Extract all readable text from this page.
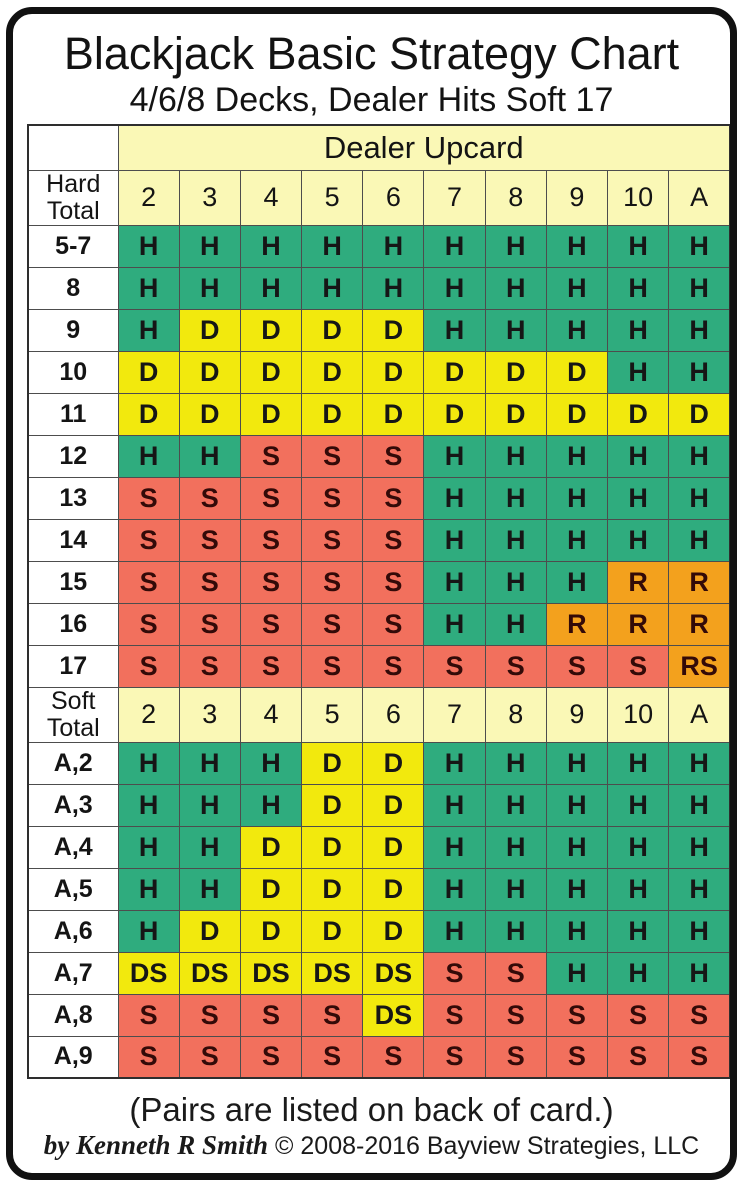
Blackjack Basic Strategy Chart
4/6/8 Decks, Dealer Hits Soft 17
	Dealer Upcard									
Hard Total	2	3	4	5	6	7	8	9	10	A
5-7	H	H	H	H	H	H	H	H	H	H
8	H	H	H	H	H	H	H	H	H	H
9	H	D	D	D	D	H	H	H	H	H
10	D	D	D	D	D	D	D	D	H	H
11	D	D	D	D	D	D	D	D	D	D
12	H	H	S	S	S	H	H	H	H	H
13	S	S	S	S	S	H	H	H	H	H
14	S	S	S	S	S	H	H	H	H	H
15	S	S	S	S	S	H	H	H	R	R
16	S	S	S	S	S	H	H	R	R	R
17	S	S	S	S	S	S	S	S	S	RS
Soft Total	2	3	4	5	6	7	8	9	10	A
A,2	H	H	H	D	D	H	H	H	H	H
A,3	H	H	H	D	D	H	H	H	H	H
A,4	H	H	D	D	D	H	H	H	H	H
A,5	H	H	D	D	D	H	H	H	H	H
A,6	H	D	D	D	D	H	H	H	H	H
A,7	DS	DS	DS	DS	DS	S	S	H	H	H
A,8	S	S	S	S	DS	S	S	S	S	S
A,9	S	S	S	S	S	S	S	S	S	S
(Pairs are listed on back of card.)
by Kenneth R Smith © 2008-2016 Bayview Strategies, LLC
